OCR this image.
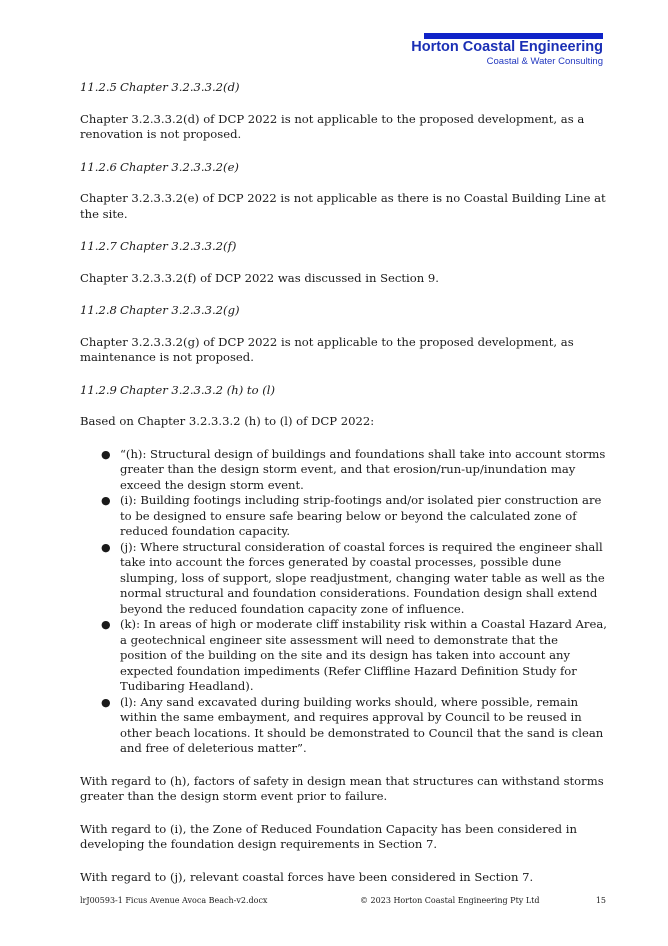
Horton Coastal Engineering
Coastal & Water Consulting
11.2.5 Chapter 3.2.3.3.2(d)

Chapter 3.2.3.3.2(d) of DCP 2022 is not applicable to the proposed development, as a renovation is not proposed.

11.2.6 Chapter 3.2.3.3.2(e)

Chapter 3.2.3.3.2(e) of DCP 2022 is not applicable as there is no Coastal Building Line at the site.

11.2.7 Chapter 3.2.3.3.2(f)

Chapter 3.2.3.3.2(f) of DCP 2022 was discussed in Section 9.

11.2.8 Chapter 3.2.3.3.2(g)

Chapter 3.2.3.3.2(g) of DCP 2022 is not applicable to the proposed development, as maintenance is not proposed.

11.2.9 Chapter 3.2.3.3.2 (h) to (l)

Based on Chapter 3.2.3.3.2 (h) to (l) of DCP 2022:

● “(h): Structural design of buildings and foundations shall take into account storms greater than the design storm event, and that erosion/run-up/inundation may exceed the design storm event.
● (i): Building footings including strip-footings and/or isolated pier construction are to be designed to ensure safe bearing below or beyond the calculated zone of reduced foundation capacity.
● (j): Where structural consideration of coastal forces is required the engineer shall take into account the forces generated by coastal processes, possible dune slumping, loss of support, slope readjustment, changing water table as well as the normal structural and foundation considerations. Foundation design shall extend beyond the reduced foundation capacity zone of influence.
● (k): In areas of high or moderate cliff instability risk within a Coastal Hazard Area, a geotechnical engineer site assessment will need to demonstrate that the position of the building on the site and its design has taken into account any expected foundation impediments (Refer Cliffline Hazard Definition Study for Tudibaring Headland).
● (l): Any sand excavated during building works should, where possible, remain within the same embayment, and requires approval by Council to be reused in other beach locations. It should be demonstrated to Council that the sand is clean and free of deleterious matter”.

With regard to (h), factors of safety in design mean that structures can withstand storms greater than the design storm event prior to failure.

With regard to (i), the Zone of Reduced Foundation Capacity has been considered in developing the foundation design requirements in Section 7.

With regard to (j), relevant coastal forces have been considered in Section 7.

lrJ00593-1 Ficus Avenue Avoca Beach-v2.docx	© 2023 Horton Coastal Engineering Pty Ltd	15
